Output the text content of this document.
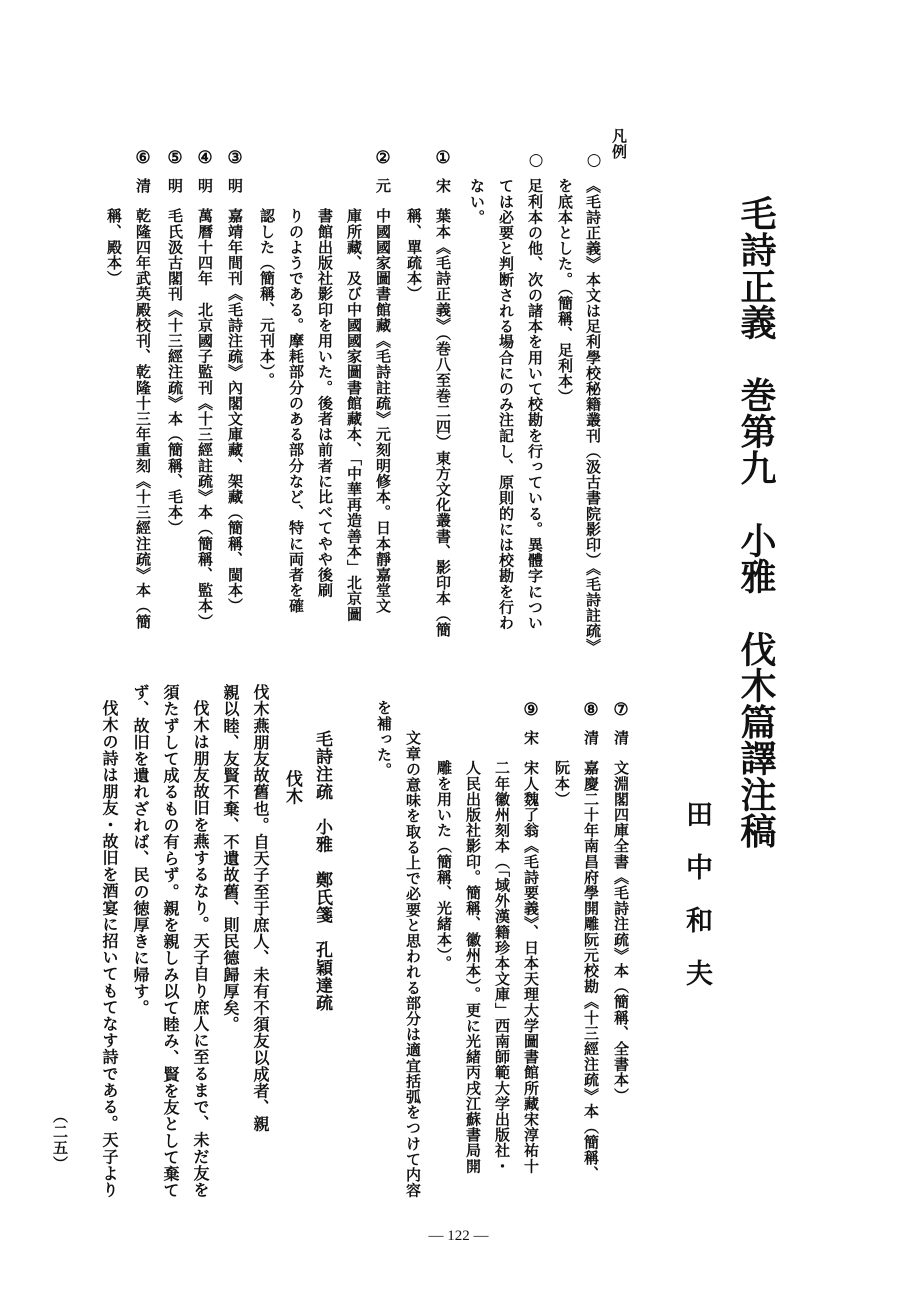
毛詩正義　巻第九　小雅　伐木篇譯注稿
田中和夫
凡例
○
《毛詩正義》本文は足利學校秘籍叢刊（汲古書院影印）《毛詩註疏》
を底本とした。（簡稱、足利本）
○
足利本の他、次の諸本を用いて校勘を行っている。異體字につい
ては必要と判断される場合にのみ注記し、原則的には校勘を行わ
ない。
①
宋
葉本《毛詩正義》（巻八至巻二四）東方文化叢書、影印本（簡
稱、單疏本）
②
元
中國國家圖書館藏《毛詩註疏》元刻明修本。日本靜嘉堂文
庫所藏、及び中國國家圖書館藏本、「中華再造善本」北京圖
書館出版社影印を用いた。後者は前者に比べてやや後刷
りのようである。摩耗部分のある部分など、特に両者を確
認した（簡稱、元刊本）。
③
明
嘉靖年間刊《毛詩注疏》內閣文庫藏、架藏（簡稱、閩本）
④
明
萬曆十四年　北京國子監刊《十三經註疏》本（簡稱、監本）
⑤
明
毛氏汲古閣刊《十三經注疏》本（簡稱、毛本）
⑥
清
乾隆四年武英殿校刊、乾隆十三年重刻《十三經注疏》本（簡
稱、殿本）
⑦
清
文淵閣四庫全書《毛詩注疏》本（簡稱、全書本）
⑧
清
嘉慶二十年南昌府學開雕阮元校勘《十三經注疏》本（簡稱、
阮本）
⑨
宋
宋人魏了翁《毛詩要義》、日本天理大学圖書館所藏宋淳祐十
二年徽州刻本（「域外漢籍珍本文庫」西南師範大学出版社・
人民出版社影印。簡稱、徽州本）。更に光緒丙戌江蘇書局開
雕を用いた（簡稱、光緒本）。
文章の意味を取る上で必要と思われる部分は適宜括弧をつけて内容
を補った。
毛詩注疏　小雅　鄭氏箋　孔穎達疏
伐木
伐木燕朋友故舊也。自天子至于庶人、未有不須友以成者、親
親以睦、友賢不棄、不遺故舊、則民德歸厚矣。
伐木は朋友故旧を燕するなり。天子自り庶人に至るまで、未だ友を
須たずして成るもの有らず。親を親しみ以て睦み、賢を友として棄て
ず、故旧を遺れざれば、民の徳厚きに帰す。
伐木の詩は朋友・故旧を酒宴に招いてもてなす詩である。天子より
（二五）
— 122 —
